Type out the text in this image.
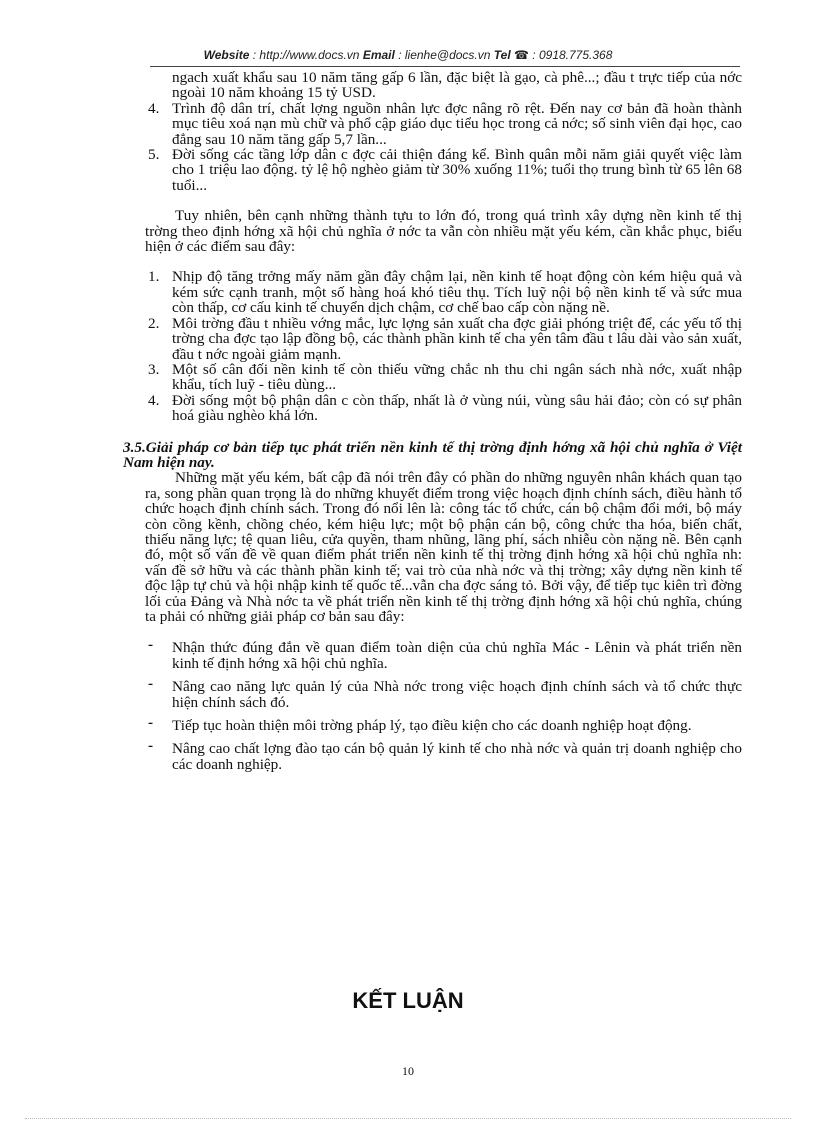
Website : http://www.docs.vn Email : lienhe@docs.vn Tel ☎ : 0918.775.368

ngach xuất khẩu sau 10 năm tăng gấp 6 lần, đặc biệt là gạo, cà phê...; đầu t trực tiếp của nớc ngoài 10 năm khoảng 15 tỷ USD.

4. Trình độ dân trí, chất lợng nguồn nhân lực đợc nâng rõ rệt. Đến nay cơ bản đã hoàn thành mục tiêu xoá nạn mù chữ và phổ cập giáo dục tiểu học trong cả nớc; số sinh viên đại học, cao đẳng sau 10 năm tăng gấp 5,7 lần...
5. Đời sống các tầng lớp dân c đợc cải thiện đáng kể. Bình quân mỗi năm giải quyết việc làm cho 1 triệu lao động. tỷ lệ hộ nghèo giảm từ 30% xuống 11%; tuổi thọ trung bình từ 65 lên 68 tuổi...

Tuy nhiên, bên cạnh những thành tựu to lớn đó, trong quá trình xây dựng nền kinh tế thị trờng theo định hớng xã hội chủ nghĩa ở nớc ta vẫn còn nhiều mặt yếu kém, cần khắc phục, biểu hiện ở các điểm sau đây:

1. Nhịp độ tăng trởng mấy năm gần đây chậm lại, nền kinh tế hoạt động còn kém hiệu quả và kém sức cạnh tranh, một số hàng hoá khó tiêu thụ. Tích luỹ nội bộ nền kinh tế và sức mua còn thấp, cơ cấu kinh tế chuyển dịch chậm, cơ chế bao cấp còn nặng nề.
2. Môi trờng đầu t nhiều vớng mắc, lực lợng sản xuất cha đợc giải phóng triệt để, các yếu tố thị trờng cha đợc tạo lập đồng bộ, các thành phần kinh tế cha yên tâm đầu t lâu dài vào sản xuất, đầu t nớc ngoài giảm mạnh.
3. Một số cân đối nền kinh tế còn thiếu vững chắc nh thu chi ngân sách nhà nớc, xuất nhập khẩu, tích luỹ - tiêu dùng...
4. Đời sống một bộ phận dân c còn thấp, nhất là ở vùng núi, vùng sâu hải đảo; còn có sự phân hoá giàu nghèo khá lớn.

3.5.Giải pháp cơ bản tiếp tục phát triển nền kinh tế thị trờng định hớng xã hội chủ nghĩa ở Việt Nam hiện nay.

Những mặt yếu kém, bất cập đã nói trên đây có phần do những nguyên nhân khách quan tạo ra, song phần quan trọng là do những khuyết điểm trong việc hoạch định chính sách, điều hành tổ chức hoạch định chính sách. Trong đó nổi lên là: công tác tổ chức, cán bộ chậm đổi mới, bộ máy còn cồng kềnh, chồng chéo, kém hiệu lực; một bộ phận cán bộ, công chức tha hóa, biến chất, thiếu năng lực; tệ quan liêu, cửa quyền, tham nhũng, lãng phí, sách nhiễu còn nặng nề. Bên cạnh đó, một số vấn đề về quan điểm phát triển nền kinh tế thị trờng định hớng xã hội chủ nghĩa nh: vấn đề sở hữu và các thành phần kinh tế; vai trò của nhà nớc và thị trờng; xây dựng nền kinh tế độc lập tự chủ và hội nhập kinh tế quốc tế...vẫn cha đợc sáng tỏ. Bởi vậy, để tiếp tục kiên trì đờng lối của Đảng và Nhà nớc ta về phát triển nền kinh tế thị trờng định hớng xã hội chủ nghĩa, chúng ta phải có những giải pháp cơ bản sau đây:

- Nhận thức đúng đắn về quan điểm toàn diện của chủ nghĩa Mác - Lênin và phát triển nền kinh tế định hớng xã hội chủ nghĩa.
- Nâng cao năng lực quản lý của Nhà nớc trong việc hoạch định chính sách và tổ chức thực hiện chính sách đó.
- Tiếp tục hoàn thiện môi trờng pháp lý, tạo điều kiện cho các doanh nghiệp hoạt động.
- Nâng cao chất lợng đào tạo cán bộ quản lý kinh tế cho nhà nớc và quản trị doanh nghiệp cho các doanh nghiệp.
KẾT LUẬN
10
